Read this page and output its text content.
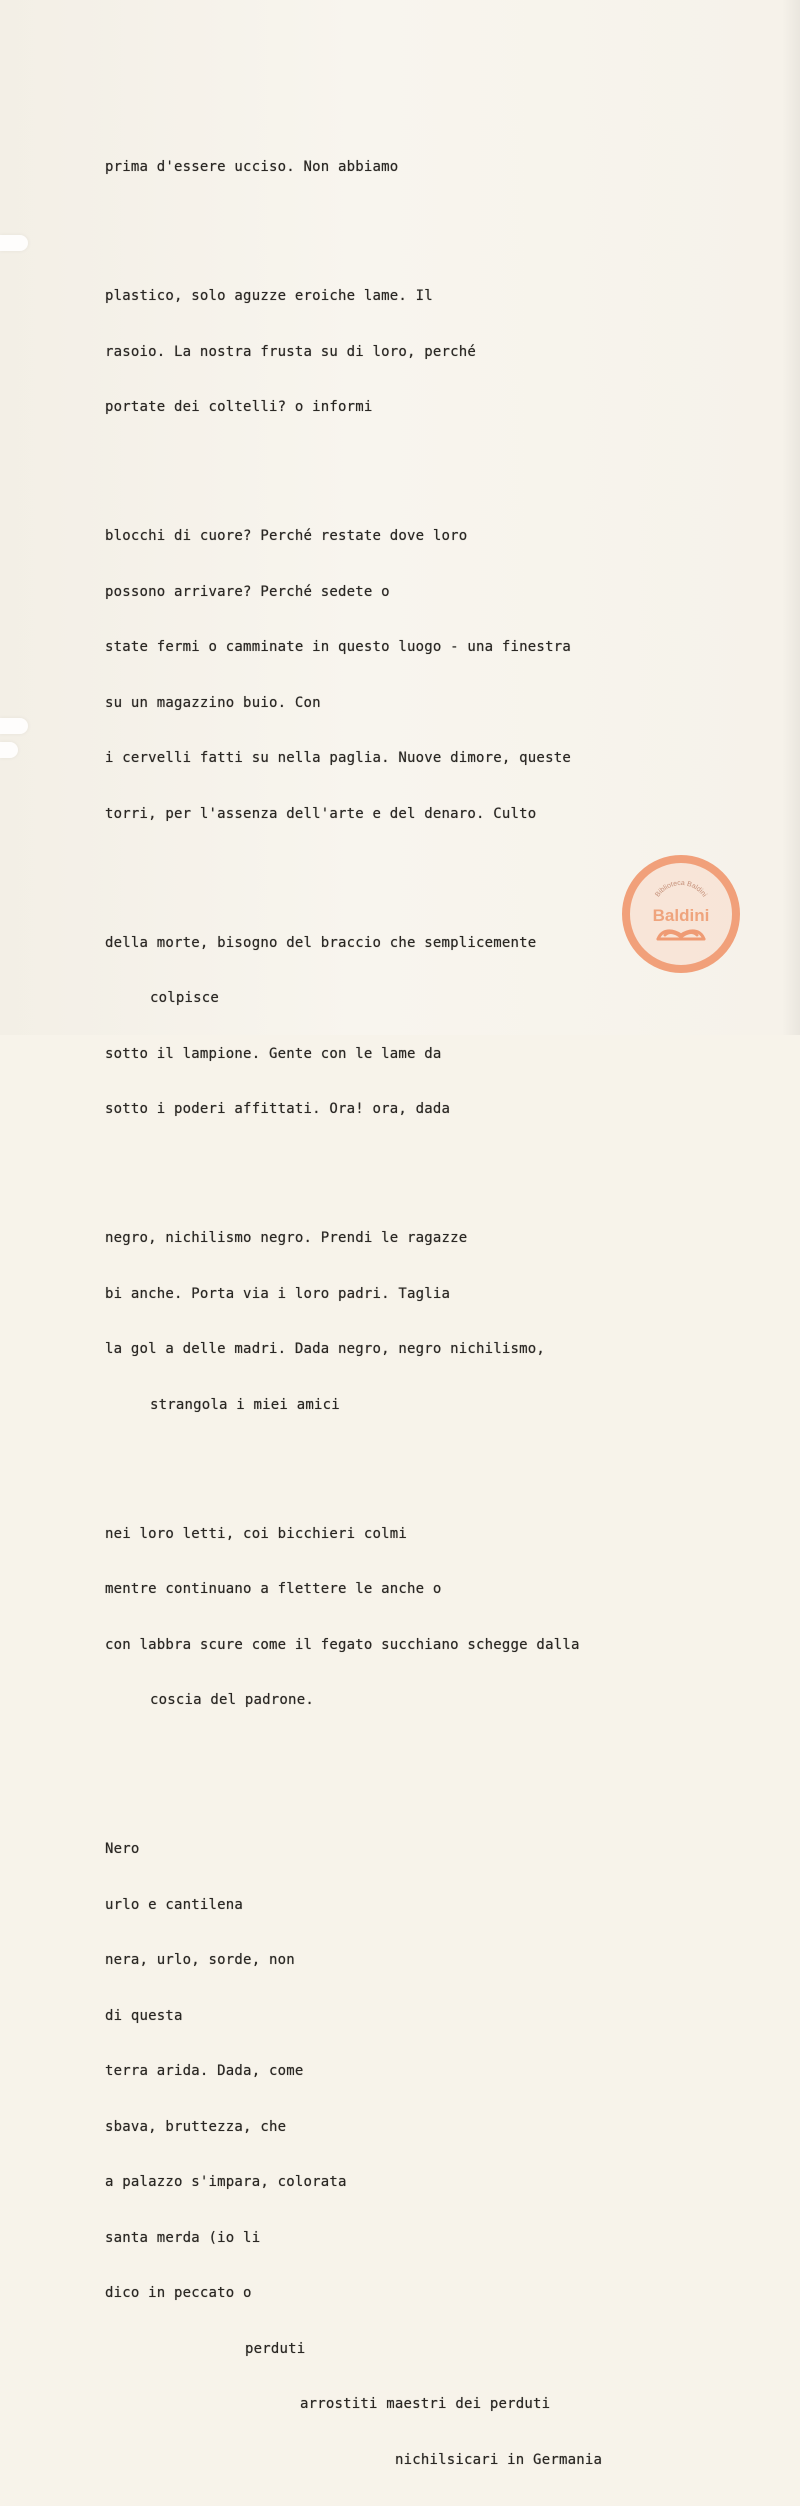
prima d'essere ucciso. Non abbiamo

plastico, solo aguzze eroiche lame. Il

rasoio. La nostra frusta su di loro, perché

portate dei coltelli? o informi

blocchi di cuore? Perché restate dove loro

possono arrivare? Perché sedete o

state fermi o camminate in questo luogo - una finestra

su un magazzino buio. Con

i cervelli fatti su nella paglia. Nuove dimore, queste

torri, per l'assenza dell'arte e del denaro. Culto

della morte, bisogno del braccio che semplicemente

colpisce

sotto il lampione. Gente con le lame da

sotto i poderi affittati. Ora! ora, dada

negro, nichilismo negro. Prendi le ragazze

bi anche. Porta via i loro padri. Taglia

la gol a delle madri. Dada negro, negro nichilismo,

strangola i miei amici

nei loro letti, coi bicchieri colmi

mentre continuano a flettere le anche o

con labbra scure come il fegato succhiano schegge dalla

coscia del padrone.

Nero

urlo e cantilena

nera, urlo, sorde, non

di questa

terra arida. Dada, come

sbava, bruttezza, che

a palazzo s'impara, colorata

santa merda (io li

dico in peccato o

perduti

arrostiti maestri dei perduti

nichilsicari in Germania

Biblioteca Baldini
Baldini
